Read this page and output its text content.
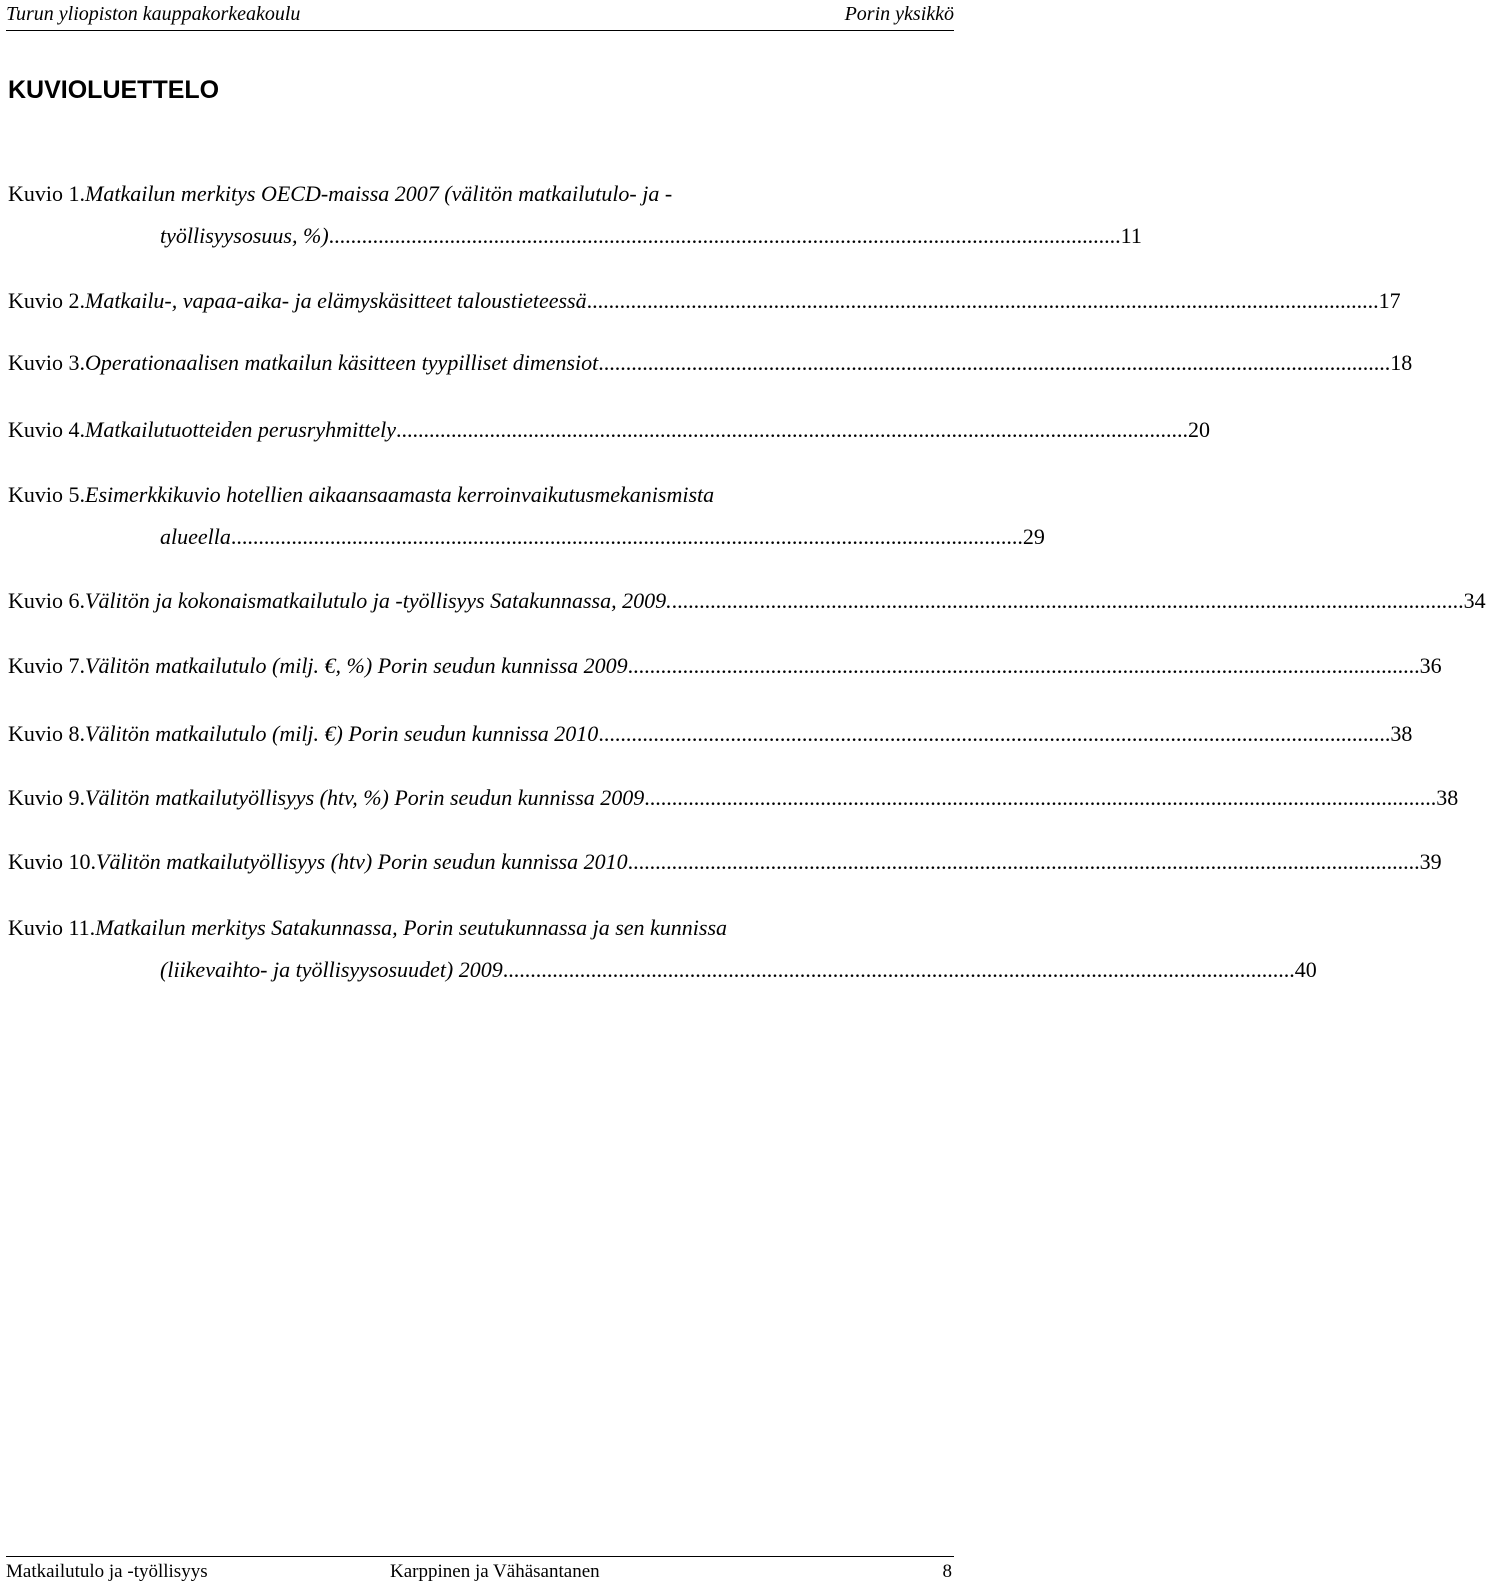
Turun yliopiston kauppakorkeakoulu	Porin yksikkö
KUVIOLUETTELO
Kuvio 1. Matkailun merkitys OECD-maissa 2007 (välitön matkailutulo- ja -
työllisyysosuus, %) ................................................................................................................................................ 11
Kuvio 2. Matkailu-, vapaa-aika- ja elämyskäsitteet taloustieteessä ................................................................................................................................................ 17
Kuvio 3. Operationaalisen matkailun käsitteen tyypilliset dimensiot ................................................................................................................................................ 18
Kuvio 4. Matkailutuotteiden perusryhmittely ................................................................................................................................................ 20
Kuvio 5. Esimerkkikuvio hotellien aikaansaamasta kerroinvaikutusmekanismista
alueella ................................................................................................................................................ 29
Kuvio 6. Välitön ja kokonaismatkailutulo ja -työllisyys Satakunnassa, 2009. ................................................................................................................................................ 34
Kuvio 7. Välitön matkailutulo (milj. €, %) Porin seudun kunnissa 2009 ................................................................................................................................................ 36
Kuvio 8. Välitön matkailutulo (milj. €) Porin seudun kunnissa 2010 ................................................................................................................................................ 38
Kuvio 9. Välitön matkailutyöllisyys (htv, %) Porin seudun kunnissa 2009 ................................................................................................................................................ 38
Kuvio 10. Välitön matkailutyöllisyys (htv) Porin seudun kunnissa 2010 ................................................................................................................................................ 39
Kuvio 11. Matkailun merkitys Satakunnassa, Porin seutukunnassa ja sen kunnissa
(liikevaihto- ja työllisyysosuudet) 2009 ................................................................................................................................................ 40
Matkailutulo ja -työllisyys	Karppinen ja Vähäsantanen	8
